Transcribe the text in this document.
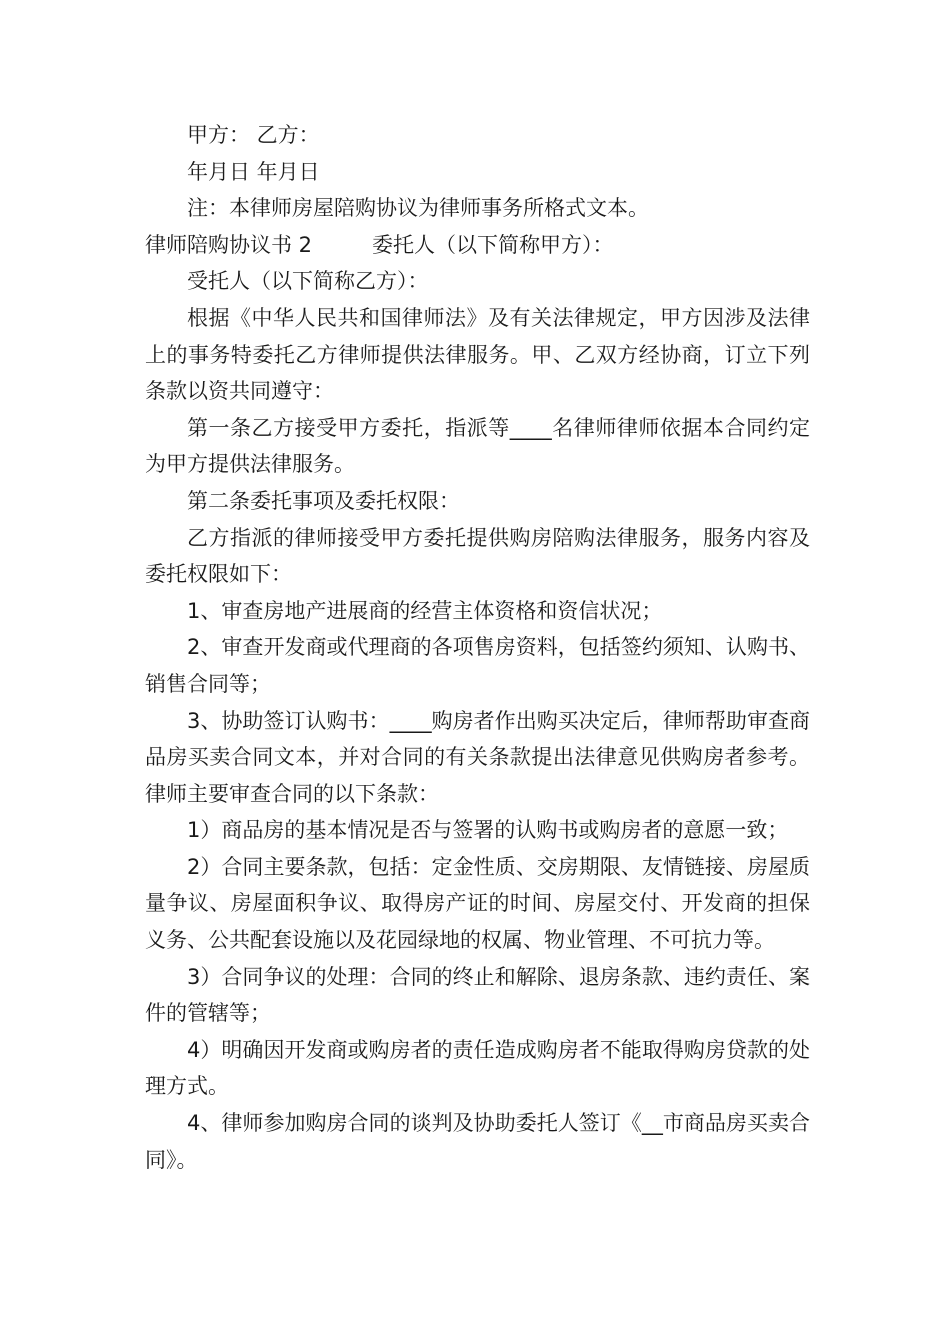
甲方： 乙方：

年月日 年月日

注：本律师房屋陪购协议为律师事务所格式文本。

律师陪购协议书 2	委托人（以下简称甲方）：

受托人（以下简称乙方）：

根据《中华人民共和国律师法》及有关法律规定，甲方因涉及法律上的事务特委托乙方律师提供法律服务。甲、乙双方经协商，订立下列条款以资共同遵守：

第一条乙方接受甲方委托，指派等____名律师律师依据本合同约定为甲方提供法律服务。

第二条委托事项及委托权限：

乙方指派的律师接受甲方委托提供购房陪购法律服务，服务内容及委托权限如下：

1、审查房地产进展商的经营主体资格和资信状况；

2、审查开发商或代理商的各项售房资料，包括签约须知、认购书、销售合同等；

3、协助签订认购书：____购房者作出购买决定后，律师帮助审查商品房买卖合同文本，并对合同的有关条款提出法律意见供购房者参考。律师主要审查合同的以下条款：

1）商品房的基本情况是否与签署的认购书或购房者的意愿一致；

2）合同主要条款，包括：定金性质、交房期限、友情链接、房屋质量争议、房屋面积争议、取得房产证的时间、房屋交付、开发商的担保义务、公共配套设施以及花园绿地的权属、物业管理、不可抗力等。

3）合同争议的处理：合同的终止和解除、退房条款、违约责任、案件的管辖等；

4）明确因开发商或购房者的责任造成购房者不能取得购房贷款的处理方式。

4、律师参加购房合同的谈判及协助委托人签订《__市商品房买卖合同》。
